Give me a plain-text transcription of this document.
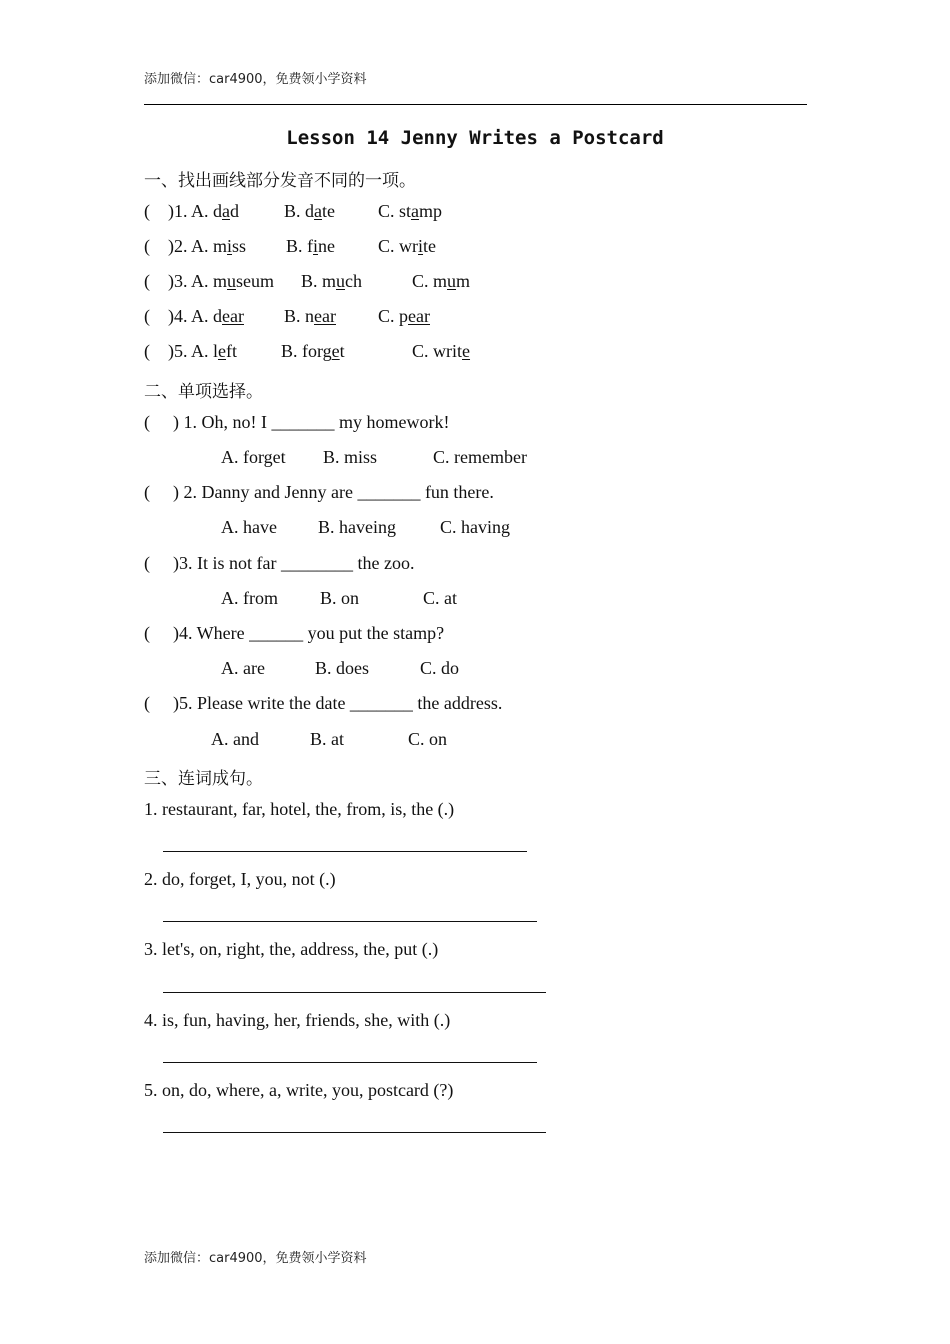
添加微信：car4900，免费领小学资料
Lesson 14 Jenny Writes a Postcard
一、找出画线部分发音不同的一项。
( )1. A. dad	B. date C. stamp
( )2. A. miss B. fine C. write
( )3. A. museum B. much	C. mum
( )4. A. dear B. near C. pear
( )5. A. left B. forget	C. write
二、单项选择。
( ) 1. Oh, no! I _______ my homework!
A. forget B. miss	C. remember
( ) 2. Danny and Jenny are _______ fun there.
A. have B. haveing C. having
( )3. It is not far ________ the zoo.
A. from B. on	C. at
( )4. Where ______ you put the stamp?
A. are	B. does	C. do
( )5. Please write the date _______ the address.
A. and	B. at	C. on
三、连词成句。
1. restaurant, far, hotel, the, from, is, the (.)
2. do, forget, I, you, not (.)
3. let's, on, right, the, address, the, put (.)
4. is, fun, having, her, friends, she, with (.)
5. on, do, where, a, write, you, postcard (?)
添加微信：car4900，免费领小学资料
